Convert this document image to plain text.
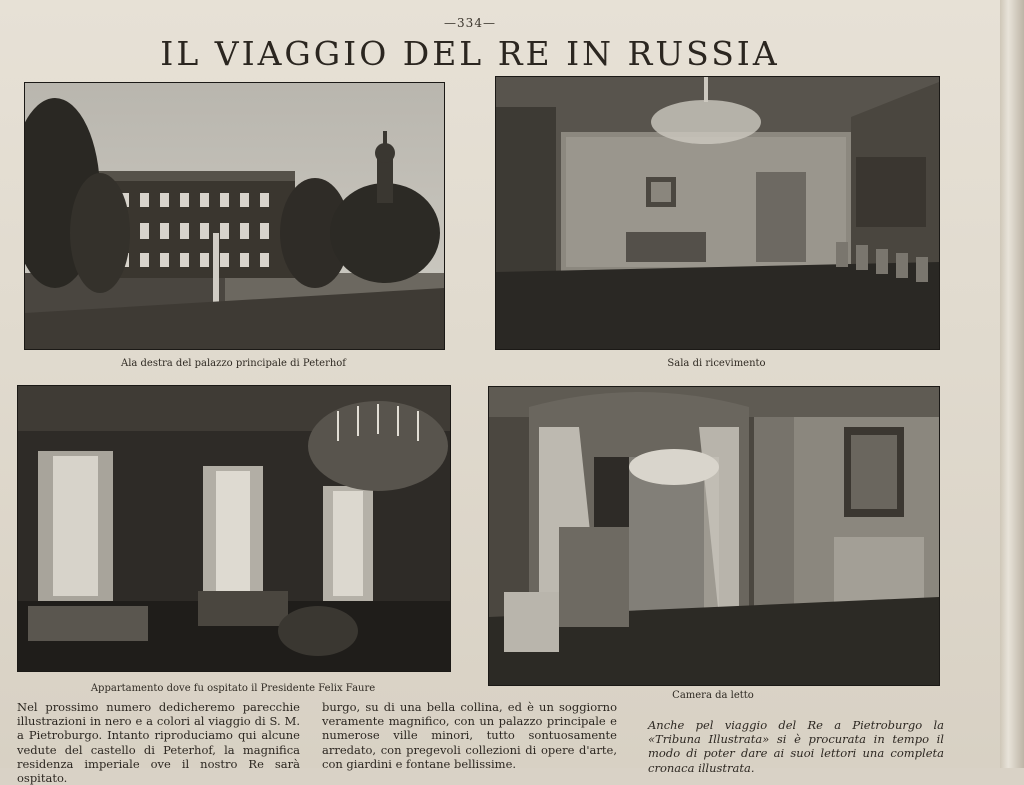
—334—
IL VIAGGIO DEL RE IN RUSSIA
Ala destra del palazzo principale di Peterhof	Sala di ricevimento
Appartamento dove fu ospitato il Presidente Felix Faure
Camera da letto

Nel prossimo numero dedicheremo parecchie illustrazioni in nero e a colori al viaggio di S. M. a Pietroburgo. Intanto riproduciamo qui alcune vedute del castello di Peterhof, la magnifica residenza imperiale ove il nostro Re sarà ospitato.

burgo, su di una bella collina, ed è un soggiorno veramente magnifico, con un palazzo principale e numerose ville minori, tutto sontuosamente arredato, con pregevoli collezioni di opere d'arte, con giardini e fontane bellissime.

Anche pel viaggio del Re a Pietroburgo la «Tribuna Illustrata» si è procurata in tempo il modo di poter dare ai suoi lettori una completa cronaca illustrata.
